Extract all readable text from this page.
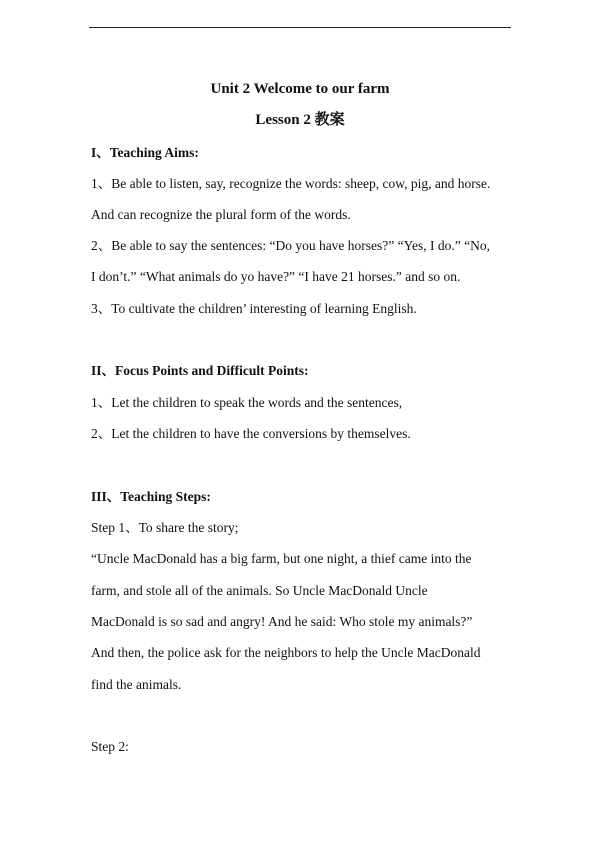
Unit 2 Welcome to our farm
Lesson 2 教案
I、Teaching Aims:
1、Be able to listen, say, recognize the words: sheep, cow, pig, and horse.
And can recognize the plural form of the words.
2、Be able to say the sentences: “Do you have horses?” “Yes, I do.” “No,
I don’t.” “What animals do yo have?” “I have 21 horses.” and so on.
3、To cultivate the children’ interesting of learning English.
II、Focus Points and Difficult Points:
1、Let the children to speak the words and the sentences,
2、Let the children to have the conversions by themselves.
III、Teaching Steps:
Step 1、To share the story;
“Uncle MacDonald has a big farm, but one night, a thief came into the
farm, and stole all of the animals. So Uncle MacDonald Uncle
MacDonald is so sad and angry! And he said: Who stole my animals?”
And then, the police ask for the neighbors to help the Uncle MacDonald
find the animals.
Step 2:
